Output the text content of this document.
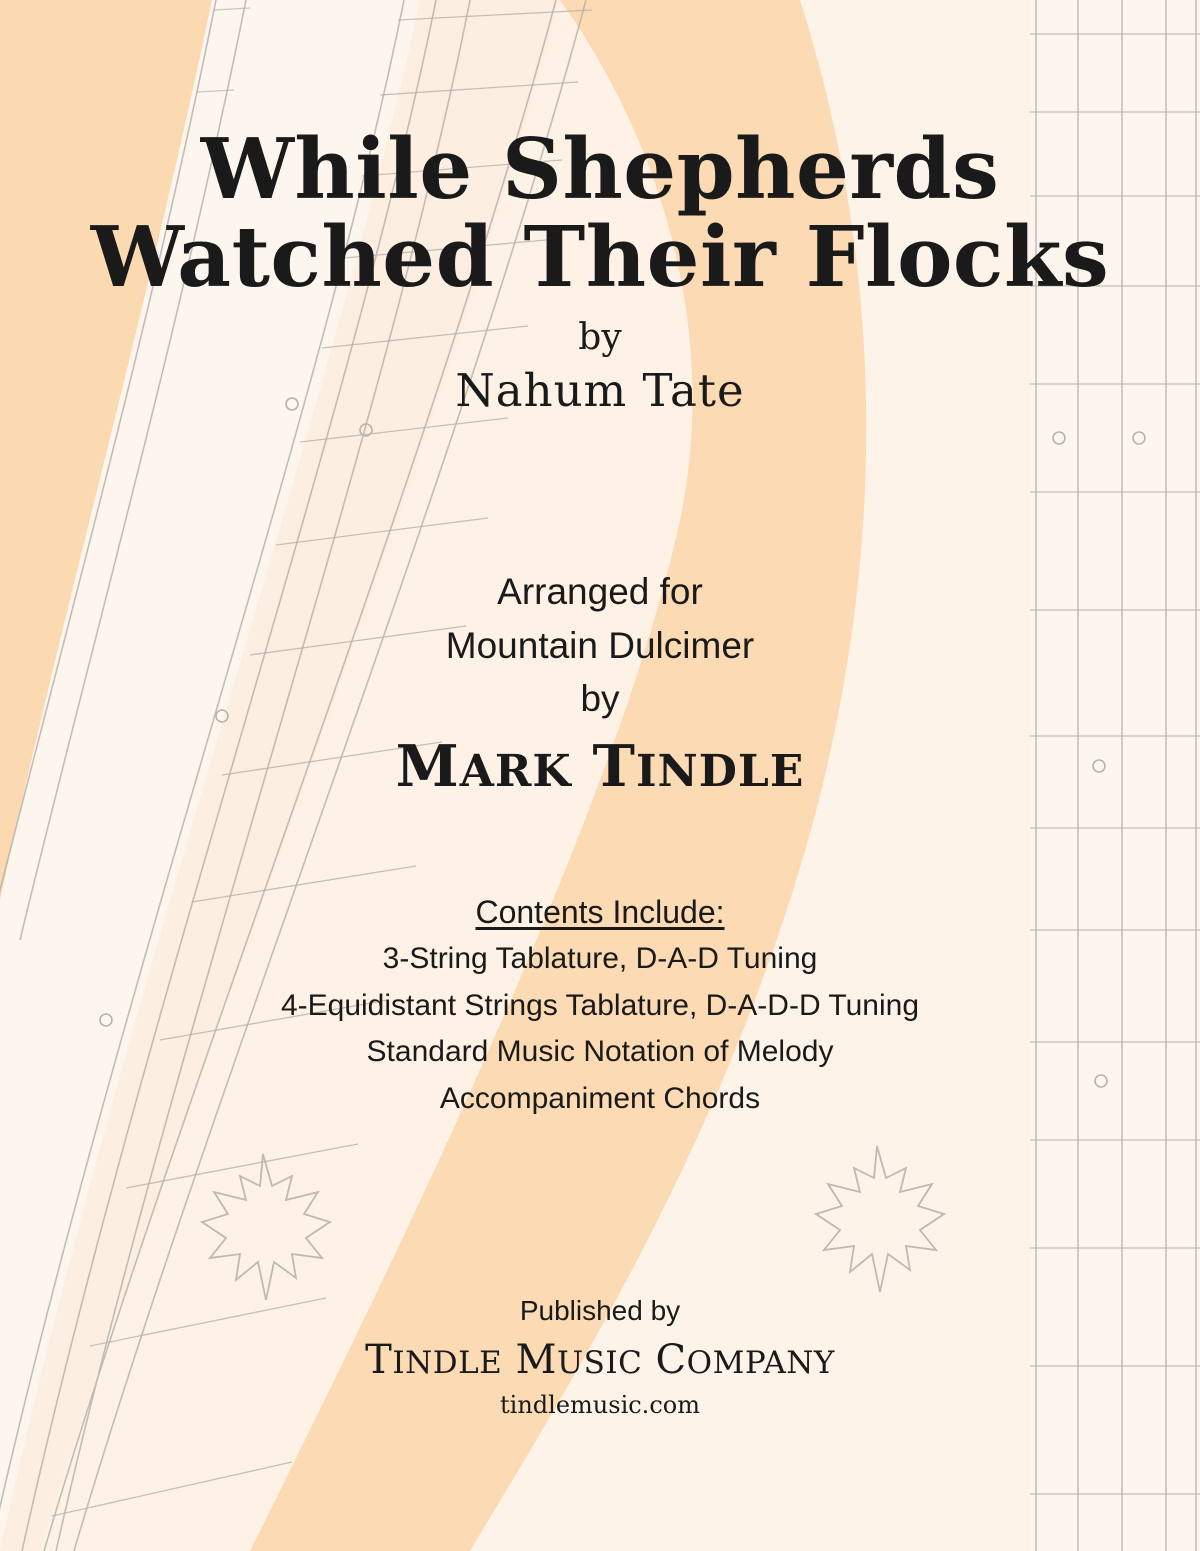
While Shepherds
Watched Their Flocks
by
Nahum Tate
Arranged for
Mountain Dulcimer
by
MARK TINDLE
Contents Include:
3-String Tablature, D-A-D Tuning
4-Equidistant Strings Tablature, D-A-D-D Tuning
Standard Music Notation of Melody
Accompaniment Chords
Published by
TINDLE MUSIC COMPANY
tindlemusic.com
